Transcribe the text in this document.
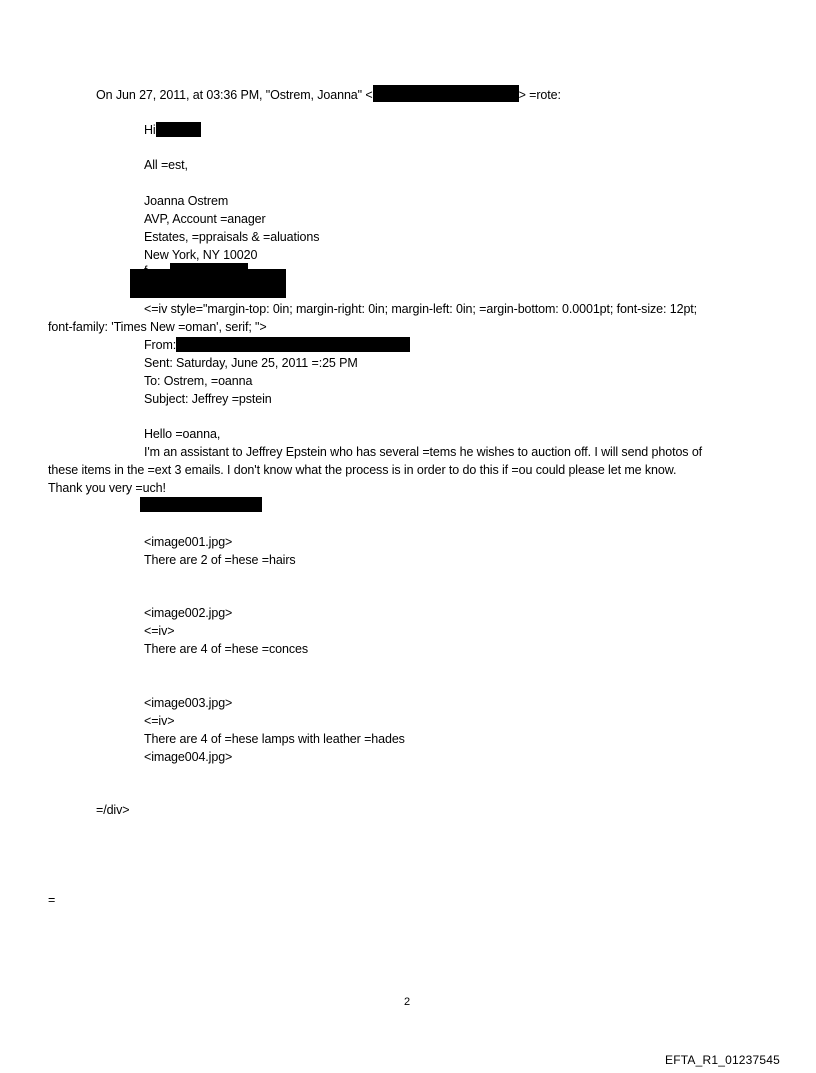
On Jun 27, 2011, at 03:36 PM, "Ostrem, Joanna" <	> =rote:
Hi
All =est,
Joanna Ostrem
AVP, Account =anager
Estates, =ppraisals & =aluations
New York, NY 10020
<=iv style="margin-top: 0in; margin-right: 0in; margin-left: 0in; =argin-bottom: 0.0001pt; font-size: 12pt;
font-family: 'Times New =oman', serif; ">
From:
Sent: Saturday, June 25, 2011 =:25 PM
To: Ostrem, =oanna
Subject: Jeffrey =pstein
Hello =oanna,
I'm an assistant to Jeffrey Epstein who has several =tems he wishes to auction off. I will send photos of
these items in the =ext 3 emails. I don't know what the process is in order to do this if =ou could please let me know.
Thank you very =uch!
<image001.jpg>
There are 2 of =hese =hairs
<image002.jpg>
<=iv>
There are 4 of =hese =conces
<image003.jpg>
<=iv>
There are 4 of =hese lamps with leather =hades
<image004.jpg>
=/div>
=
2
EFTA_R1_01237545
